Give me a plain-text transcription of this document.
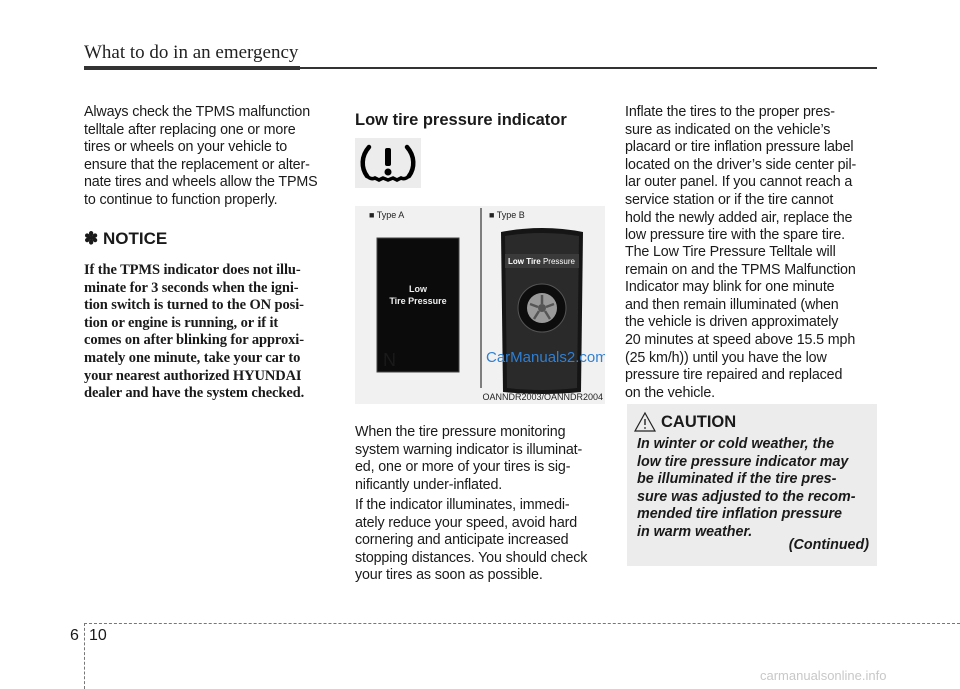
What to do in an emergency
Always check the TPMS malfunction
telltale after replacing one or more
tires or wheels on your vehicle to
ensure that the replacement or alter-
nate tires and wheels allow the TPMS
to continue to function properly.
✽ NOTICE
If the TPMS indicator does not illu-
minate for 3 seconds when the igni-
tion switch is turned to the ON posi-
tion or engine is running, or if it
comes on after blinking for approxi-
mately one minute, take your car to
your nearest authorized HYUNDAI
dealer and have the system checked.
Low tire pressure indicator
When the tire pressure monitoring
system warning indicator is illuminat-
ed, one or more of your tires is sig-
nificantly under-inflated.
If the indicator illuminates, immedi-
ately reduce your speed, avoid hard
cornering and anticipate increased
stopping distances. You should check
your tires as soon as possible.
■ Type A	■ Type B
Low
Tire Pressure
N
Low Tire Pressure
CarManuals2.com
OANNDR2003/OANNDR2004
Inflate the tires to the proper pres-
sure as indicated on the vehicle’s
placard or tire inflation pressure label
located on the driver’s side center pil-
lar outer panel. If you cannot reach a
service station or if the tire cannot
hold the newly added air, replace the
low pressure tire with the spare tire.
The Low Tire Pressure Telltale will
remain on and the TPMS Malfunction
Indicator may blink for one minute
and then remain illuminated (when
the vehicle is driven approximately
20 minutes at speed above 15.5 mph
(25 km/h)) until you have the low
pressure tire repaired and replaced
on the vehicle.
CAUTION
In winter or cold weather, the
low tire pressure indicator may
be illuminated if the tire pres-
sure was adjusted to the recom-
mended tire inflation pressure
in warm weather.
(Continued)
6 10
carmanualsonline.info
